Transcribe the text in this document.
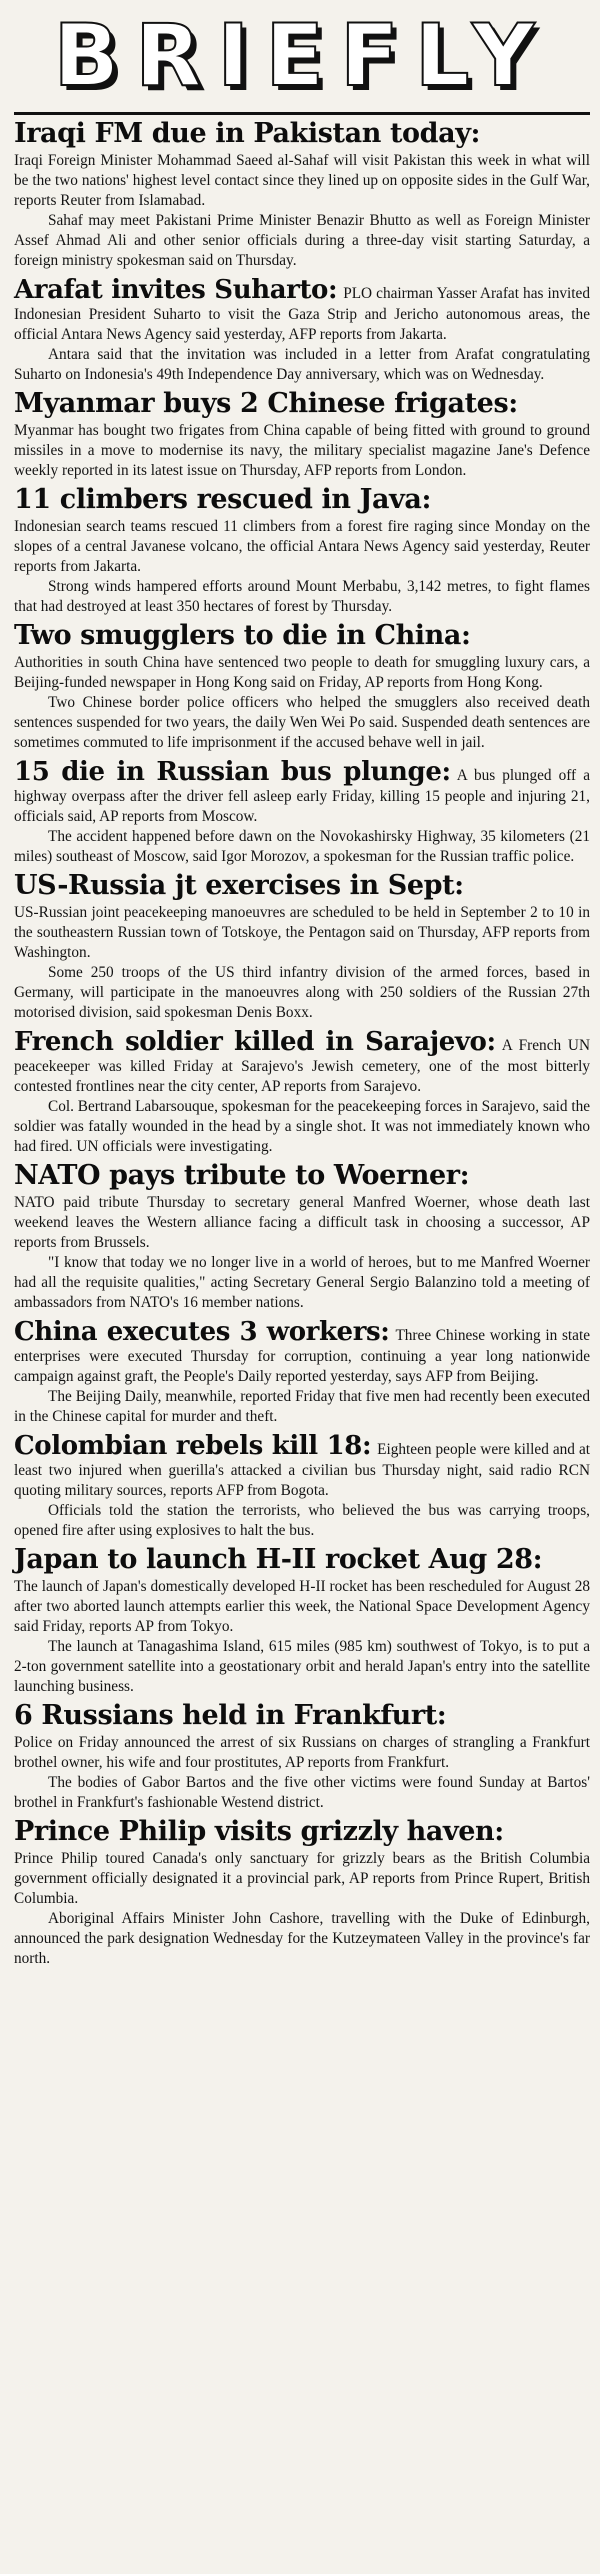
BRIEFLY
Iraqi FM due in Pakistan today:

Iraqi Foreign Minister Mohammad Saeed al-Sahaf will visit Pakistan this week in what will be the two nations' highest level contact since they lined up on opposite sides in the Gulf War, reports Reuter from Islamabad.

Sahaf may meet Pakistani Prime Minister Benazir Bhutto as well as Foreign Minister Assef Ahmad Ali and other senior officials during a three-day visit starting Saturday, a foreign ministry spokesman said on Thursday.

Arafat invites Suharto: PLO chairman Yasser Arafat has invited Indonesian President Suharto to visit the Gaza Strip and Jericho autonomous areas, the official Antara News Agency said yesterday, AFP reports from Jakarta.

Antara said that the invitation was included in a letter from Arafat congratulating Suharto on Indonesia's 49th Independence Day anniversary, which was on Wednesday.

Myanmar buys 2 Chinese frigates:

Myanmar has bought two frigates from China capable of being fitted with ground to ground missiles in a move to modernise its navy, the military specialist magazine Jane's Defence weekly reported in its latest issue on Thursday, AFP reports from London.

11 climbers rescued in Java:

Indonesian search teams rescued 11 climbers from a forest fire raging since Monday on the slopes of a central Javanese volcano, the official Antara News Agency said yesterday, Reuter reports from Jakarta.

Strong winds hampered efforts around Mount Merbabu, 3,142 metres, to fight flames that had destroyed at least 350 hectares of forest by Thursday.

Two smugglers to die in China:

Authorities in south China have sentenced two people to death for smuggling luxury cars, a Beijing-funded newspaper in Hong Kong said on Friday, AP reports from Hong Kong.

Two Chinese border police officers who helped the smugglers also received death sentences suspended for two years, the daily Wen Wei Po said. Suspended death sentences are sometimes commuted to life imprisonment if the accused behave well in jail.

15 die in Russian bus plunge: A bus plunged off a highway overpass after the driver fell asleep early Friday, killing 15 people and injuring 21, officials said, AP reports from Moscow.

The accident happened before dawn on the Novokashirsky Highway, 35 kilometers (21 miles) southeast of Moscow, said Igor Morozov, a spokesman for the Russian traffic police.

US-Russia jt exercises in Sept:

US-Russian joint peacekeeping manoeuvres are scheduled to be held in September 2 to 10 in the southeastern Russian town of Totskoye, the Pentagon said on Thursday, AFP reports from Washington.

Some 250 troops of the US third infantry division of the armed forces, based in Germany, will participate in the manoeuvres along with 250 soldiers of the Russian 27th motorised division, said spokesman Denis Boxx.

French soldier killed in Sarajevo: A French UN peacekeeper was killed Friday at Sarajevo's Jewish cemetery, one of the most bitterly contested frontlines near the city center, AP reports from Sarajevo.

Col. Bertrand Labarsouque, spokesman for the peacekeeping forces in Sarajevo, said the soldier was fatally wounded in the head by a single shot. It was not immediately known who had fired. UN officials were investigating.

NATO pays tribute to Woerner:

NATO paid tribute Thursday to secretary general Manfred Woerner, whose death last weekend leaves the Western alliance facing a difficult task in choosing a successor, AP reports from Brussels.

"I know that today we no longer live in a world of heroes, but to me Manfred Woerner had all the requisite qualities," acting Secretary General Sergio Balanzino told a meeting of ambassadors from NATO's 16 member nations.

China executes 3 workers: Three Chinese working in state enterprises were executed Thursday for corruption, continuing a year long nationwide campaign against graft, the People's Daily reported yesterday, says AFP from Beijing.

The Beijing Daily, meanwhile, reported Friday that five men had recently been executed in the Chinese capital for murder and theft.

Colombian rebels kill 18: Eighteen people were killed and at least two injured when guerilla's attacked a civilian bus Thursday night, said radio RCN quoting military sources, reports AFP from Bogota.

Officials told the station the terrorists, who believed the bus was carrying troops, opened fire after using explosives to halt the bus.

Japan to launch H-II rocket Aug 28:

The launch of Japan's domestically developed H-II rocket has been rescheduled for August 28 after two aborted launch attempts earlier this week, the National Space Development Agency said Friday, reports AP from Tokyo.

The launch at Tanagashima Island, 615 miles (985 km) southwest of Tokyo, is to put a 2-ton government satellite into a geostationary orbit and herald Japan's entry into the satellite launching business.

6 Russians held in Frankfurt:

Police on Friday announced the arrest of six Russians on charges of strangling a Frankfurt brothel owner, his wife and four prostitutes, AP reports from Frankfurt.

The bodies of Gabor Bartos and the five other victims were found Sunday at Bartos' brothel in Frankfurt's fashionable Westend district.

Prince Philip visits grizzly haven:

Prince Philip toured Canada's only sanctuary for grizzly bears as the British Columbia government officially designated it a provincial park, AP reports from Prince Rupert, British Columbia.

Aboriginal Affairs Minister John Cashore, travelling with the Duke of Edinburgh, announced the park designation Wednesday for the Kutzeymateen Valley in the province's far north.
